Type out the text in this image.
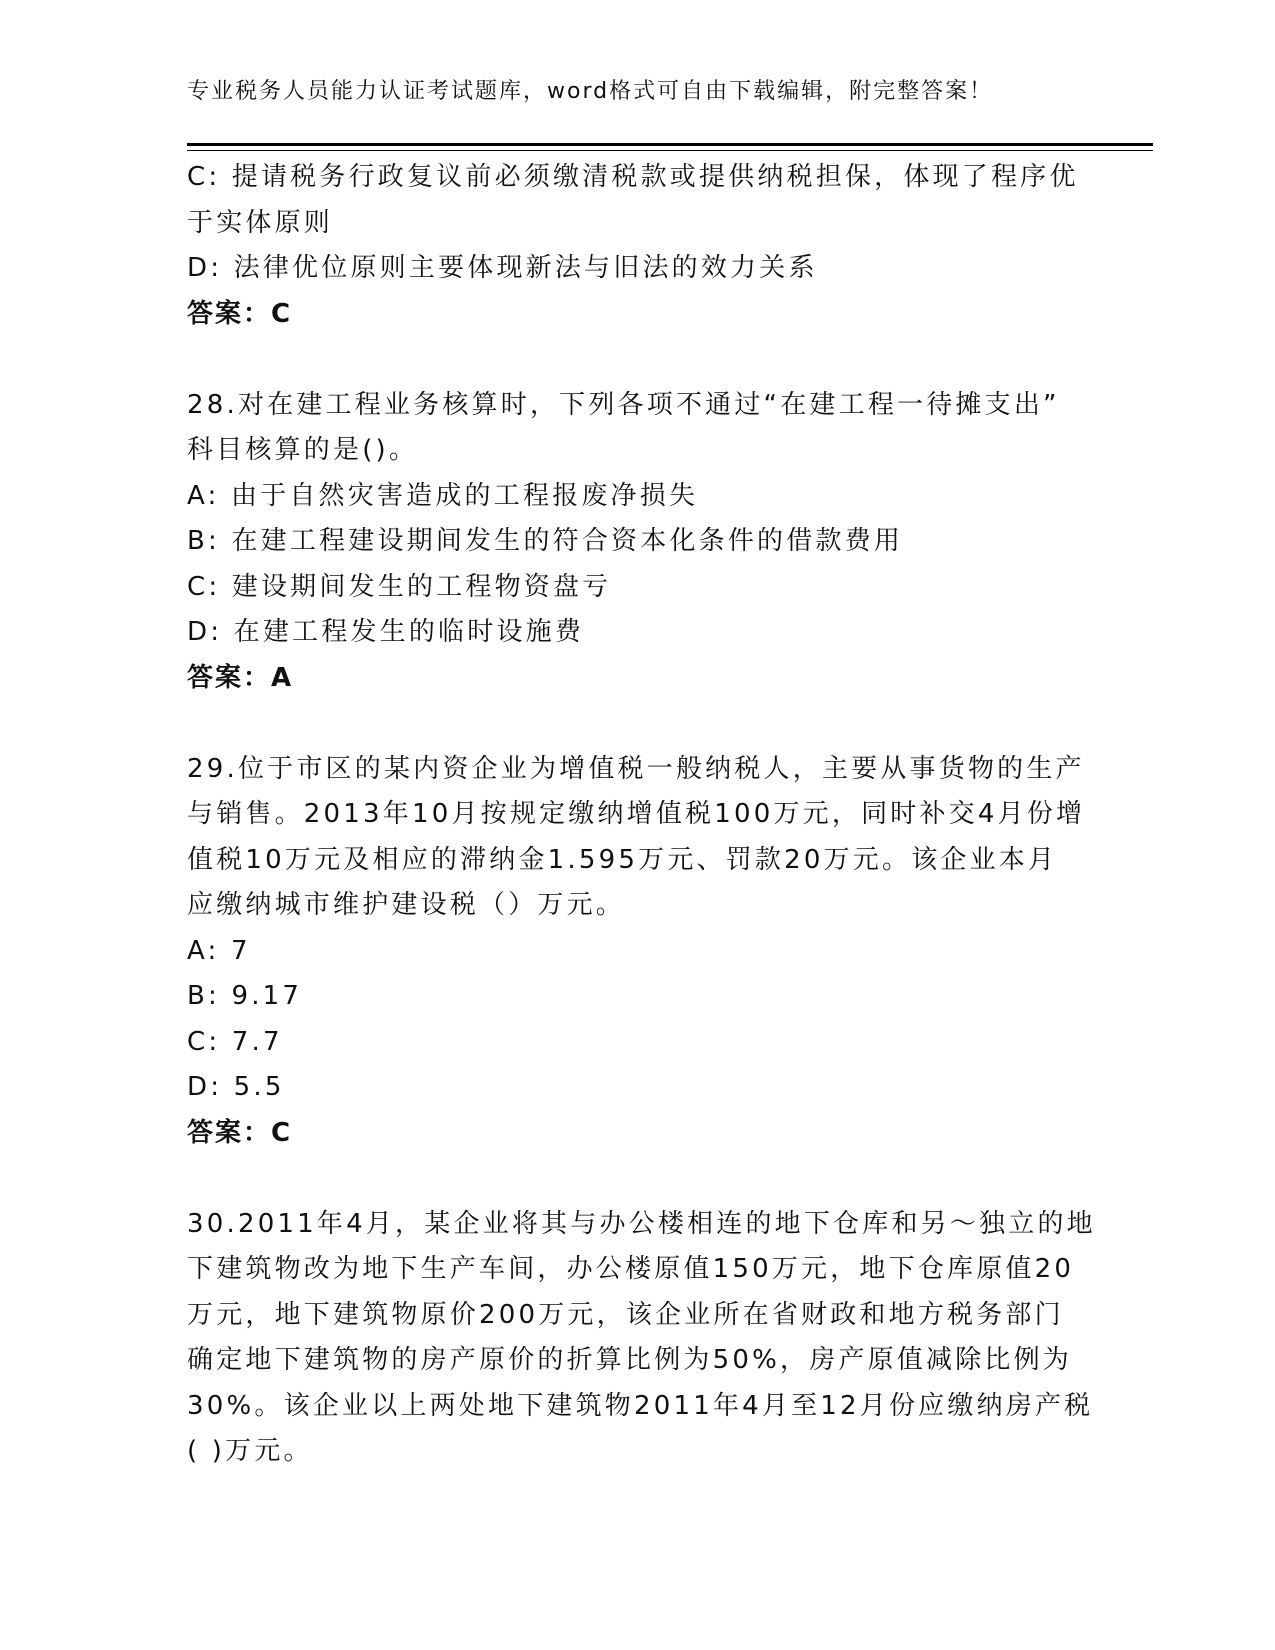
专业税务人员能力认证考试题库，word格式可自由下载编辑，附完整答案！
C: 提请税务行政复议前必须缴清税款或提供纳税担保，体现了程序优
于实体原则
D: 法律优位原则主要体现新法与旧法的效力关系
答案：C
28.对在建工程业务核算时，下列各项不通过“在建工程一待摊支出”
科目核算的是()。
A: 由于自然灾害造成的工程报废净损失
B: 在建工程建设期间发生的符合资本化条件的借款费用
C: 建设期间发生的工程物资盘亏
D: 在建工程发生的临时设施费
答案：A
29.位于市区的某内资企业为增值税一般纳税人，主要从事货物的生产
与销售。2013年10月按规定缴纳增值税100万元，同时补交4月份增
值税10万元及相应的滞纳金1.595万元、罚款20万元。该企业本月
应缴纳城市维护建设税（）万元。
A: 7
B: 9.17
C: 7.7
D: 5.5
答案：C
30.2011年4月，某企业将其与办公楼相连的地下仓库和另～独立的地
下建筑物改为地下生产车间，办公楼原值150万元，地下仓库原值20
万元，地下建筑物原价200万元，该企业所在省财政和地方税务部门
确定地下建筑物的房产原价的折算比例为50%，房产原值减除比例为
30%。该企业以上两处地下建筑物2011年4月至12月份应缴纳房产税
( )万元。
